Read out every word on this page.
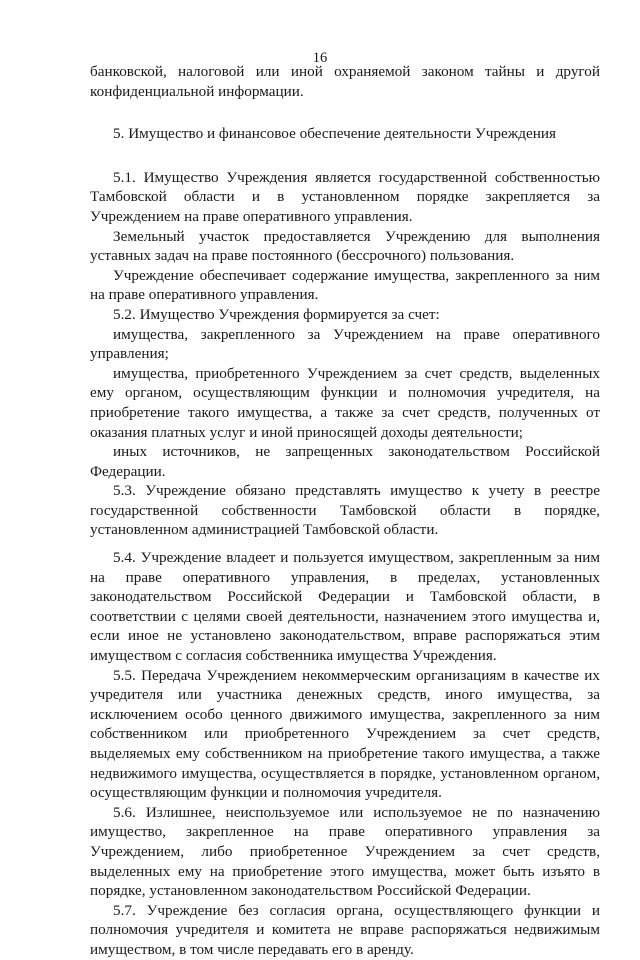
16

банковской, налоговой или иной охраняемой законом тайны и другой конфиденциальной информации.

5. Имущество и финансовое обеспечение деятельности Учреждения

5.1. Имущество Учреждения является государственной собственностью Тамбовской области и в установленном порядке закрепляется за Учреждением на праве оперативного управления.

Земельный участок предоставляется Учреждению для выполнения уставных задач на праве постоянного (бессрочного) пользования.

Учреждение обеспечивает содержание имущества, закрепленного за ним на праве оперативного управления.

5.2. Имущество Учреждения формируется за счет:

имущества, закрепленного за Учреждением на праве оперативного управления;

имущества, приобретенного Учреждением за счет средств, выделенных ему органом, осуществляющим функции и полномочия учредителя, на приобретение такого имущества, а также за счет средств, полученных от оказания платных услуг и иной приносящей доходы деятельности;

иных источников, не запрещенных законодательством Российской Федерации.

5.3. Учреждение обязано представлять имущество к учету в реестре государственной собственности Тамбовской области в порядке, установленном администрацией Тамбовской области.

5.4. Учреждение владеет и пользуется имуществом, закрепленным за ним на праве оперативного управления, в пределах, установленных законодательством Российской Федерации и Тамбовской области, в соответствии с целями своей деятельности, назначением этого имущества и, если иное не установлено законодательством, вправе распоряжаться этим имуществом с согласия собственника имущества Учреждения.

5.5. Передача Учреждением некоммерческим организациям в качестве их учредителя или участника денежных средств, иного имущества, за исключением особо ценного движимого имущества, закрепленного за ним собственником или приобретенного Учреждением за счет средств, выделяемых ему собственником на приобретение такого имущества, а также недвижимого имущества, осуществляется в порядке, установленном органом, осуществляющим функции и полномочия учредителя.

5.6. Излишнее, неиспользуемое или используемое не по назначению имущество, закрепленное на праве оперативного управления за Учреждением, либо приобретенное Учреждением за счет средств, выделенных ему на приобретение этого имущества, может быть изъято в порядке, установленном законодательством Российской Федерации.

5.7. Учреждение без согласия органа, осуществляющего функции и полномочия учредителя и комитета не вправе распоряжаться недвижимым имуществом, в том числе передавать его в аренду.
